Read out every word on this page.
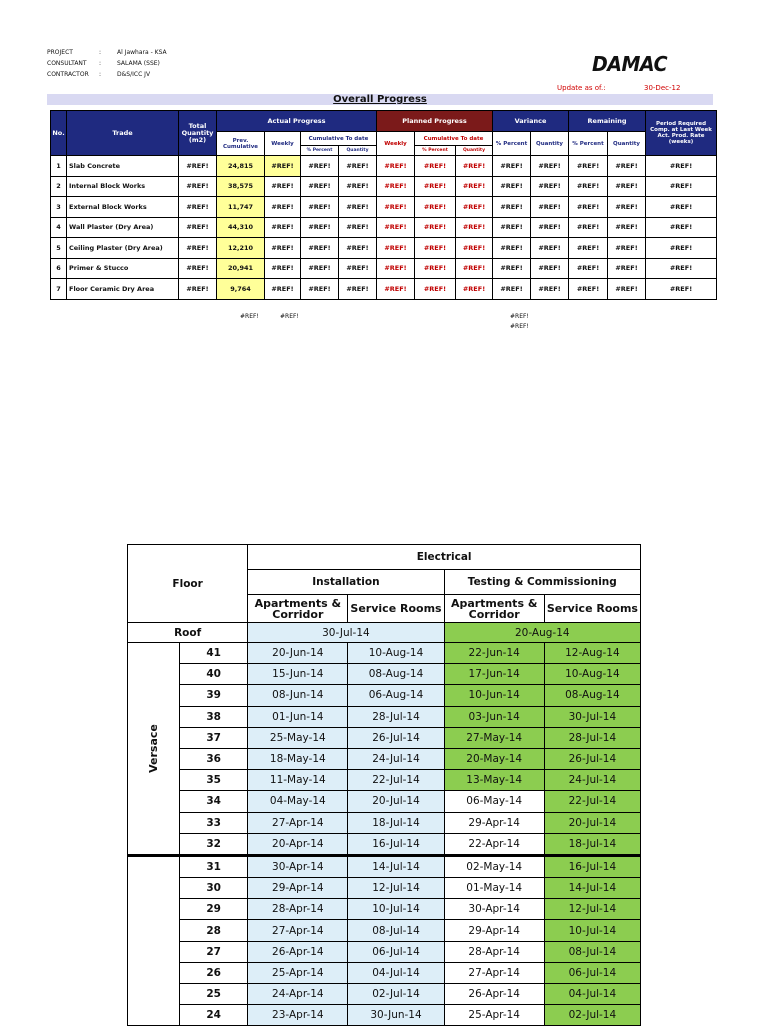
PROJECT	:	Al Jawhara - KSA
CONSULTANT	:	SALAMA (SSE)
CONTRACTOR	:	D&S/ICC JV	DAMAC
Update as of.:	30-Dec-12
Overall Progress
No.	Trade	Total Quantity (m2)	Actual Progress				Planned Progress			Variance		Remaining		Period Required Comp. at Last Week Act. Prod. Rate (weeks)
			Prev. Cumulative	Weekly	Cumulative To date		Weekly	Cumulative To date		% Percent	Quantity	% Percent	Quantity	
					% Percent	Quantity		% Percent	Quantity					
1	Slab Concrete	#REF!	24,815	#REF!	#REF!	#REF!	#REF!	#REF!	#REF!	#REF!	#REF!	#REF!	#REF!	#REF!
2	Internal Block Works	#REF!	38,575	#REF!	#REF!	#REF!	#REF!	#REF!	#REF!	#REF!	#REF!	#REF!	#REF!	#REF!
3	External Block Works	#REF!	11,747	#REF!	#REF!	#REF!	#REF!	#REF!	#REF!	#REF!	#REF!	#REF!	#REF!	#REF!
4	Wall Plaster (Dry Area)	#REF!	44,310	#REF!	#REF!	#REF!	#REF!	#REF!	#REF!	#REF!	#REF!	#REF!	#REF!	#REF!
5	Ceiling Plaster (Dry Area)	#REF!	12,210	#REF!	#REF!	#REF!	#REF!	#REF!	#REF!	#REF!	#REF!	#REF!	#REF!	#REF!
6	Primer & Stucco	#REF!	20,941	#REF!	#REF!	#REF!	#REF!	#REF!	#REF!	#REF!	#REF!	#REF!	#REF!	#REF!
7	Floor Ceramic Dry Area	#REF!	9,764	#REF!	#REF!	#REF!	#REF!	#REF!	#REF!	#REF!	#REF!	#REF!	#REF!	#REF!
#REF!	#REF!	#REF!
#REF!
Floor		Electrical			
		Installation		Testing & Commissioning	
		Apartments & Corridor	Service Rooms	Apartments & Corridor	Service Rooms
Roof		30-Jul-14		20-Aug-14	
Versace	41	20-Jun-14	10-Aug-14	22-Jun-14	12-Aug-14
	40	15-Jun-14	08-Aug-14	17-Jun-14	10-Aug-14
	39	08-Jun-14	06-Aug-14	10-Jun-14	08-Aug-14
	38	01-Jun-14	28-Jul-14	03-Jun-14	30-Jul-14
	37	25-May-14	26-Jul-14	27-May-14	28-Jul-14
	36	18-May-14	24-Jul-14	20-May-14	26-Jul-14
	35	11-May-14	22-Jul-14	13-May-14	24-Jul-14
	34	04-May-14	20-Jul-14	06-May-14	22-Jul-14
	33	27-Apr-14	18-Jul-14	29-Apr-14	20-Jul-14
	32	20-Apr-14	16-Jul-14	22-Apr-14	18-Jul-14
	31	30-Apr-14	14-Jul-14	02-May-14	16-Jul-14
	30	29-Apr-14	12-Jul-14	01-May-14	14-Jul-14
	29	28-Apr-14	10-Jul-14	30-Apr-14	12-Jul-14
	28	27-Apr-14	08-Jul-14	29-Apr-14	10-Jul-14
	27	26-Apr-14	06-Jul-14	28-Apr-14	08-Jul-14
	26	25-Apr-14	04-Jul-14	27-Apr-14	06-Jul-14
	25	24-Apr-14	02-Jul-14	26-Apr-14	04-Jul-14
	24	23-Apr-14	30-Jun-14	25-Apr-14	02-Jul-14
